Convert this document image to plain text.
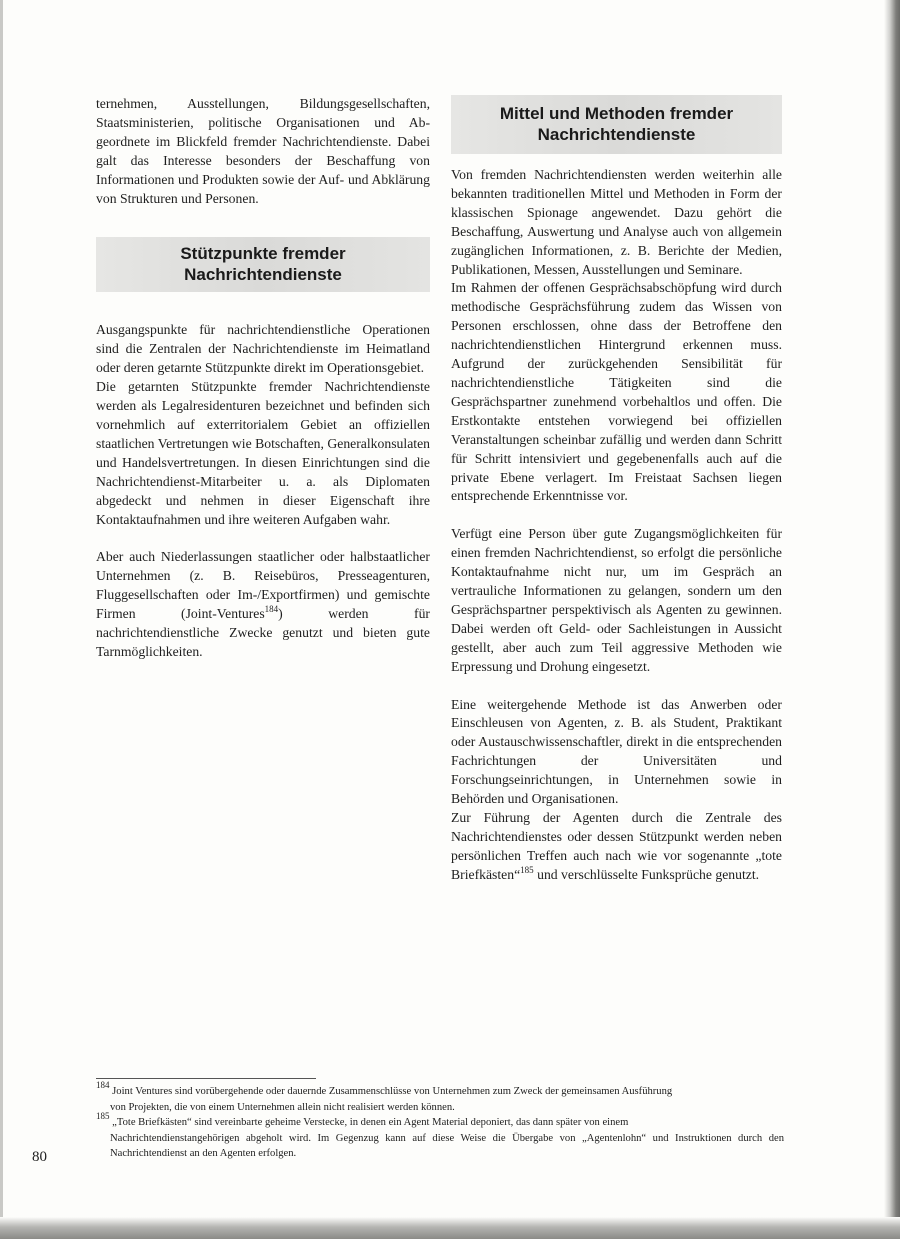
ternehmen, Ausstellungen, Bildungsgesellschaften, Staatsministerien, politische Organisationen und Abgeordnete im Blickfeld fremder Nachrichtendienste. Dabei galt das Interesse besonders der Beschaffung von Informationen und Produkten sowie der Auf- und Abklärung von Strukturen und Personen.

Stützpunkte fremder
Nachrichtendienste

Ausgangspunkte für nachrichtendienstliche Operationen sind die Zentralen der Nachrichtendienste im Heimatland oder deren getarnte Stützpunkte direkt im Operationsgebiet.

Die getarnten Stützpunkte fremder Nachrichtendienste werden als Legalresidenturen bezeichnet und befinden sich vornehmlich auf exterritorialem Gebiet an offiziellen staatlichen Vertretungen wie Botschaften, Generalkonsulaten und Handelsvertretungen. In diesen Einrichtungen sind die Nachrichtendienst-Mitarbeiter u. a. als Diplomaten abgedeckt und nehmen in dieser Eigenschaft ihre Kontaktaufnahmen und ihre weiteren Aufgaben wahr.

Aber auch Niederlassungen staatlicher oder halbstaatlicher Unternehmen (z. B. Reisebüros, Presseagenturen, Fluggesellschaften oder Im-/Exportfirmen) und gemischte Firmen (Joint-Ventures$^{184}$) werden für nachrichtendienstliche Zwecke genutzt und bieten gute Tarnmöglichkeiten.

Mittel und Methoden fremder
Nachrichtendienste

Von fremden Nachrichtendiensten werden weiterhin alle bekannten traditionellen Mittel und Methoden in Form der klassischen Spionage angewendet. Dazu gehört die Beschaffung, Auswertung und Analyse auch von allgemein zugänglichen Informationen, z. B. Berichte der Medien, Publikationen, Messen, Ausstellungen und Seminare.

Im Rahmen der offenen Gesprächsabschöpfung wird durch methodische Gesprächsführung zudem das Wissen von Personen erschlossen, ohne dass der Betroffene den nachrichtendienstlichen Hintergrund erkennen muss. Aufgrund der zurückgehenden Sensibilität für nachrichtendienstliche Tätigkeiten sind die Gesprächspartner zunehmend vorbehaltlos und offen. Die Erstkontakte entstehen vorwiegend bei offiziellen Veranstaltungen scheinbar zufällig und werden dann Schritt für Schritt intensiviert und gegebenenfalls auch auf die private Ebene verlagert. Im Freistaat Sachsen liegen entsprechende Erkenntnisse vor.

Verfügt eine Person über gute Zugangsmöglichkeiten für einen fremden Nachrichtendienst, so erfolgt die persönliche Kontaktaufnahme nicht nur, um im Gespräch an vertrauliche Informationen zu gelangen, sondern um den Gesprächspartner perspektivisch als Agenten zu gewinnen. Dabei werden oft Geld- oder Sachleistungen in Aussicht gestellt, aber auch zum Teil aggressive Methoden wie Erpressung und Drohung eingesetzt.

Eine weitergehende Methode ist das Anwerben oder Einschleusen von Agenten, z. B. als Student, Praktikant oder Austauschwissenschaftler, direkt in die entsprechenden Fachrichtungen der Universitäten und Forschungseinrichtungen, in Unternehmen sowie in Behörden und Organisationen.

Zur Führung der Agenten durch die Zentrale des Nachrichtendienstes oder dessen Stützpunkt werden neben persönlichen Treffen auch nach wie vor sogenannte „tote Briefkästen“$^{185}$ und verschlüsselte Funksprüche genutzt.

$^{184}$ Joint Ventures sind vorübergehende oder dauernde Zusammenschlüsse von Unternehmen zum Zweck der gemeinsamen Ausführung

von Projekten, die von einem Unternehmen allein nicht realisiert werden können.

$^{185}$ „Tote Briefkästen“ sind vereinbarte geheime Verstecke, in denen ein Agent Material deponiert, das dann später von einem

Nachrichtendienstangehörigen abgeholt wird. Im Gegenzug kann auf diese Weise die Übergabe von „Agentenlohn“ und Instruktionen durch den Nachrichtendienst an den Agenten erfolgen.

80
